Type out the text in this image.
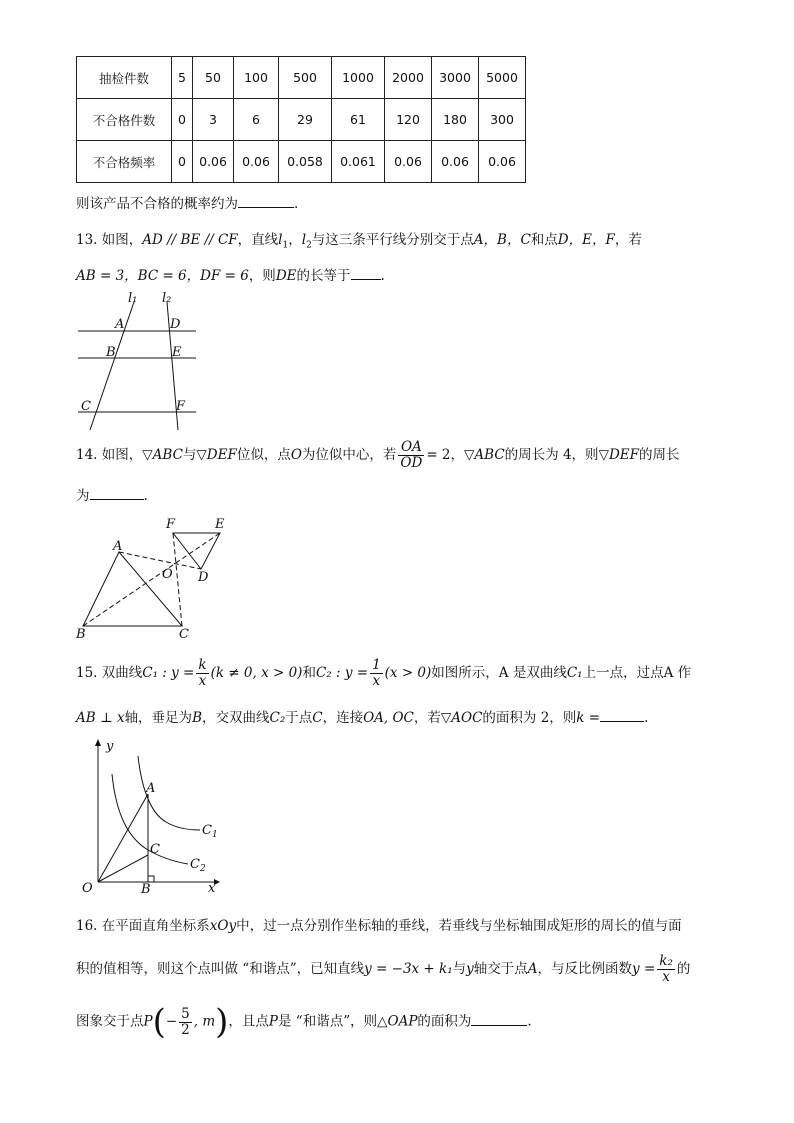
抽检件数	5	50	100	500	1000	2000	3000	5000
不合格件数	0	3	6	29	61	120	180	300
不合格频率	0	0.06	0.06	0.058	0.061	0.06	0.06	0.06
则该产品不合格的概率约为	.
13. 如图，AD // BE // CF，直线$l_1$，$l_2$与这三条平行线分别交于点A，B，C和点D，E，F，若
AB = 3，BC = 6，DF = 6，则DE的长等于 .
l₁ l₂
A	D
B	E
C	F
14. 如图，▽ABC与▽DEF位似，点O为位似中心，若 $\frac{OA}{OD} = 2$，▽ABC的周长为 4，则▽DEF的周长
为	.
A
B	C
D
E
F
O
15. 双曲线C₁ : $y = \frac{k}{x} (k \ne 0$, x > 0)和C₂ : $y = \frac{1}{x} (x > 0)$如图所示，A 是双曲线C₁上一点，过点A 作
AB ⊥ x轴，垂足为B，交双曲线C₂于点C，连接OA, OC，若▽AOC的面积为 2，则k =	.
y
x
O
A
B
C
$C_1$
$C_2$
16. 在平面直角坐标系xOy中，过一点分别作坐标轴的垂线，若垂线与坐标轴围成矩形的周长的值与面
积的值相等，则这个点叫做 “和谐点”，已知直线y = −3x + k₁与y轴交于点A，与反比例函数$y = \frac{\text{k₂}}{x}$ 的
图象交于点$P(- \frac{5}{2}$ , m)，且点P是 “和谐点”，则△OAP的面积为	.
